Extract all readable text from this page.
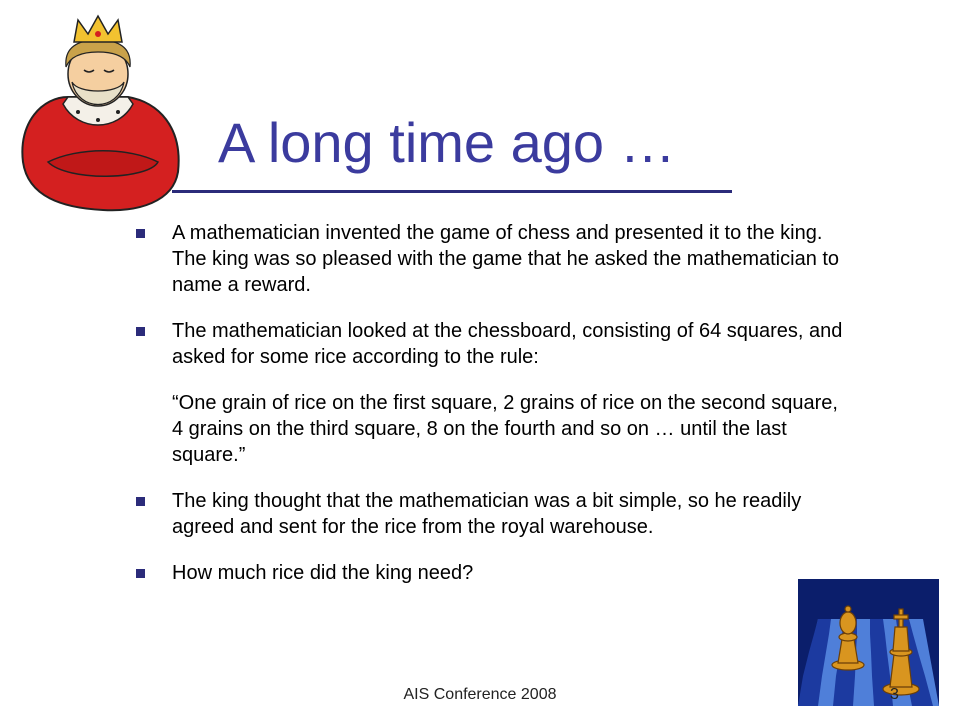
A long time ago …
A mathematician invented the game of chess and presented it to the king. The king was so pleased with the game that he asked the mathematician to name a reward.
The mathematician looked at the chessboard, consisting of 64 squares, and asked for some rice according to the rule:
“One grain of rice on the first square, 2 grains of rice on the second square, 4 grains on the third square, 8 on the fourth and so on … until the last square.”
The king thought that the mathematician was a bit simple, so he readily agreed and sent for the rice from the royal warehouse.
How much rice did the king need?
AIS Conference 2008	3
